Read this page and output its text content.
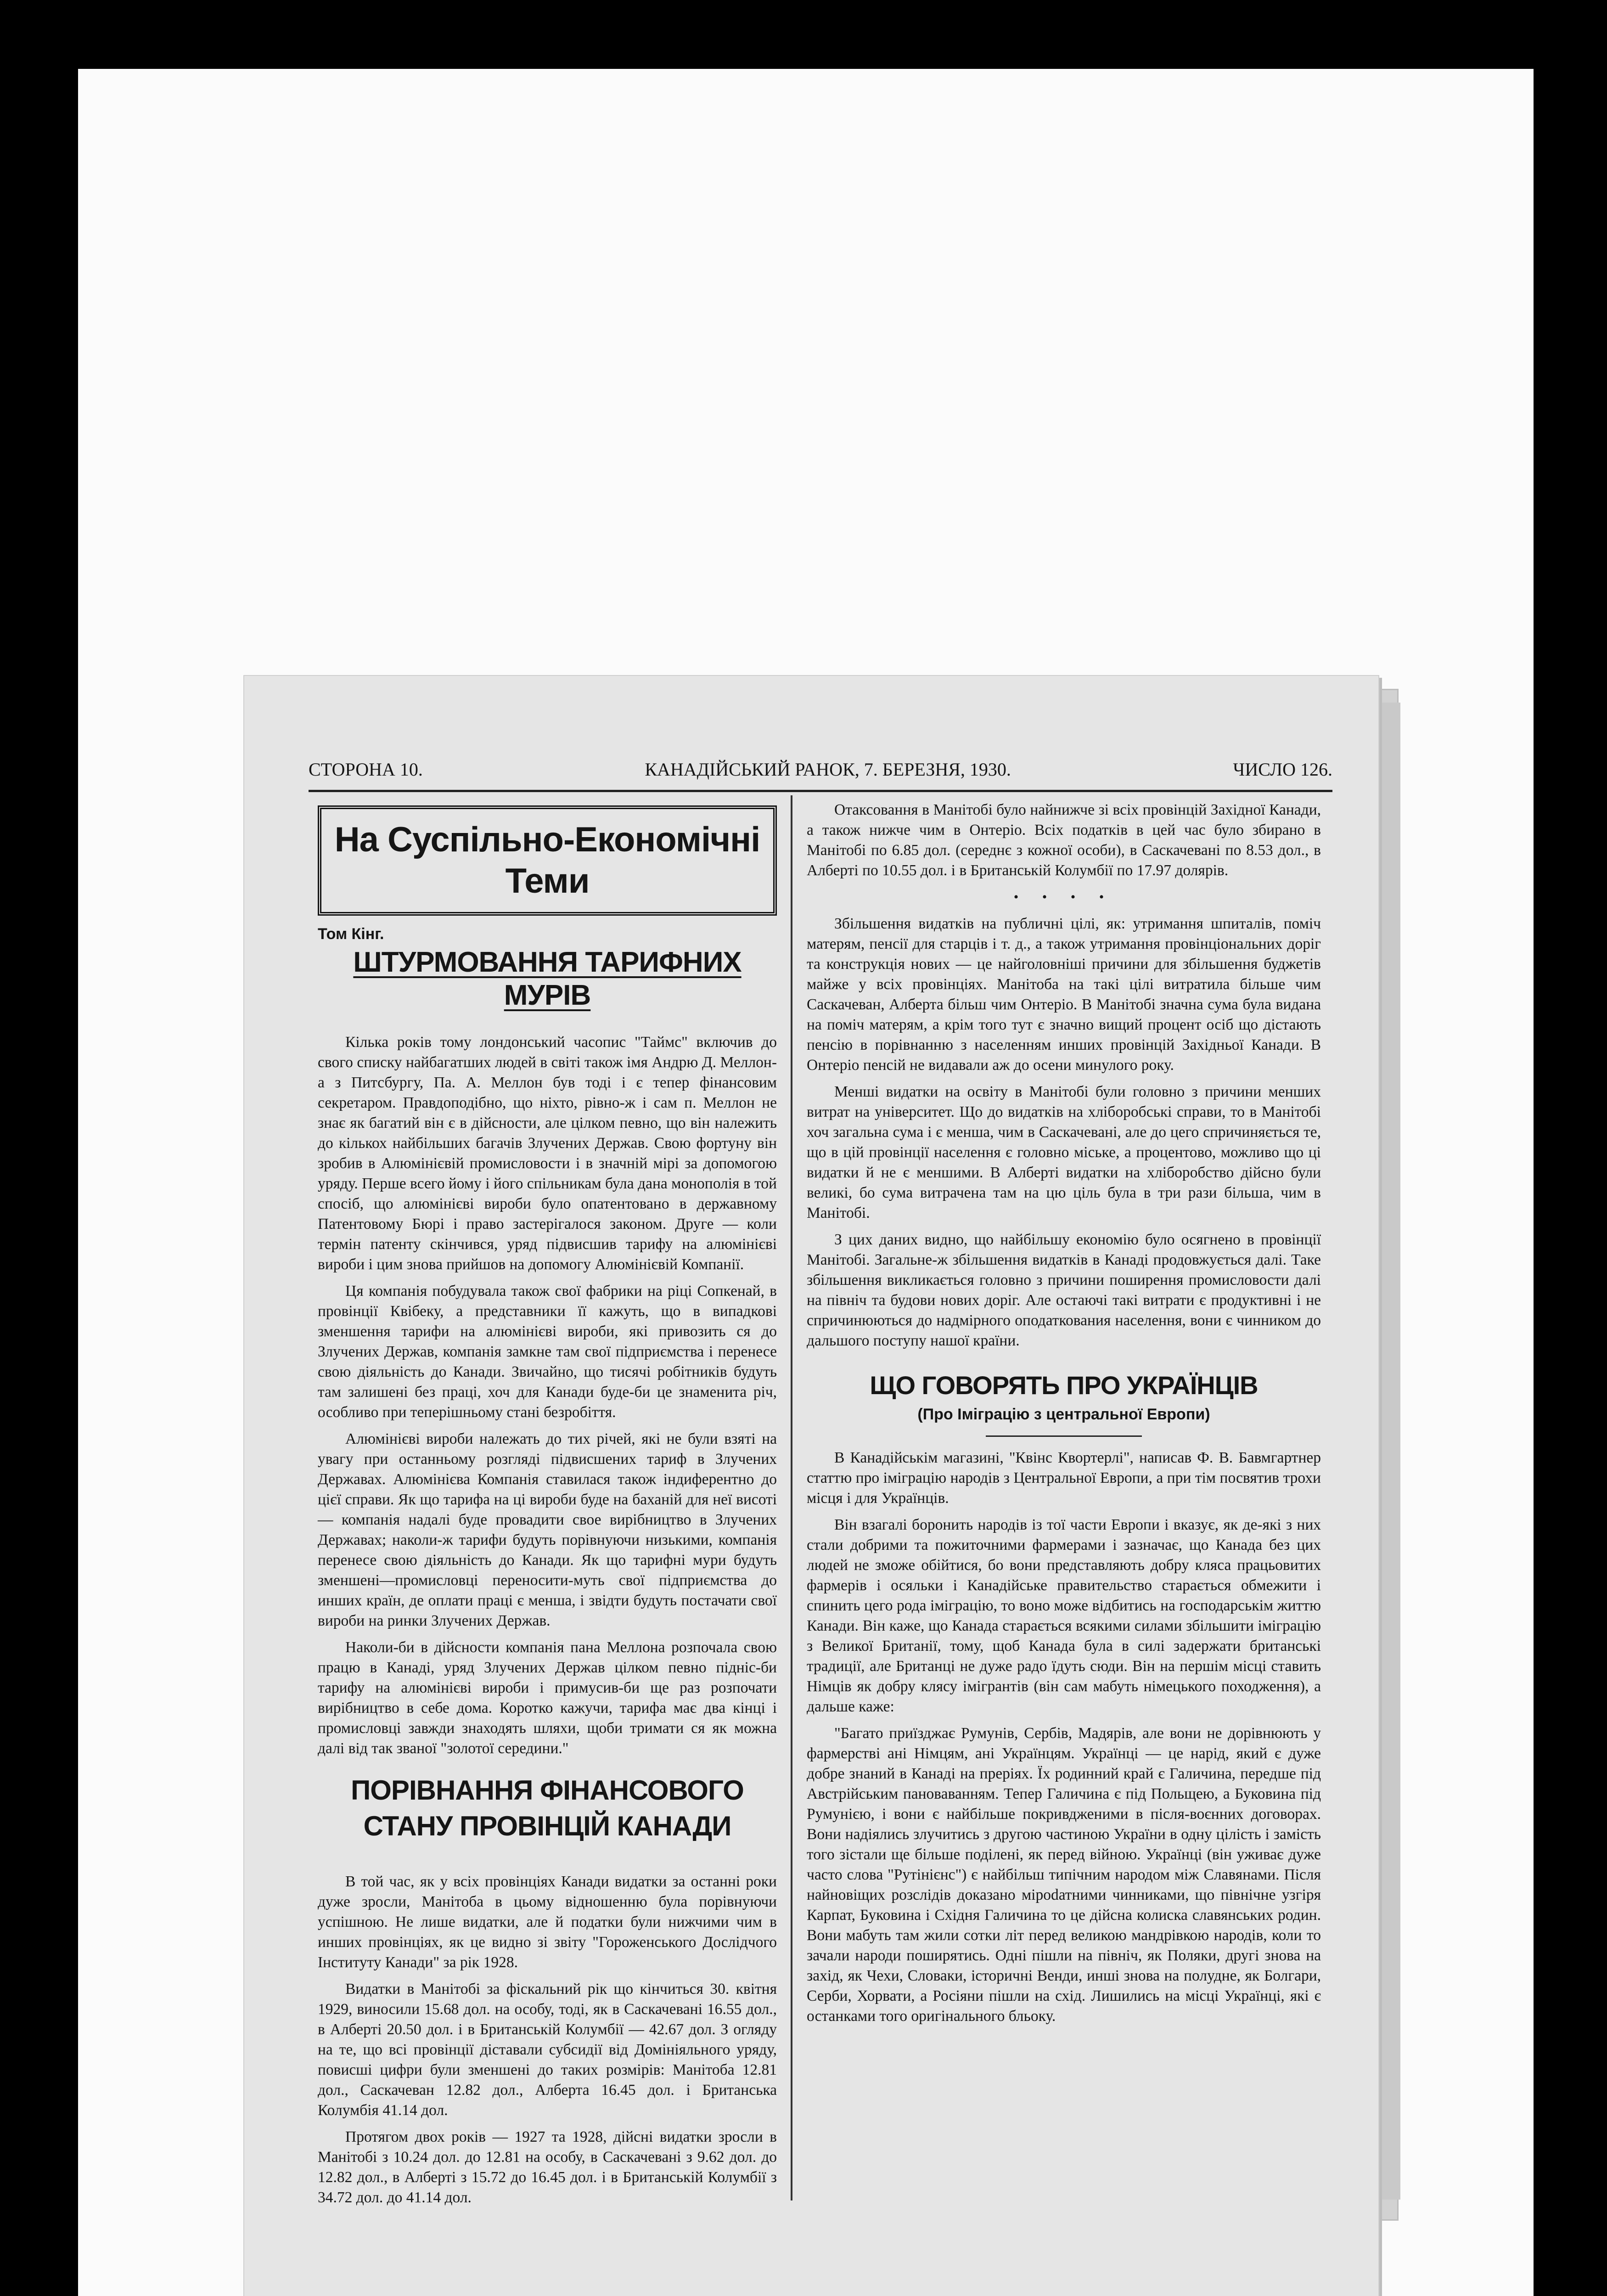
СТОРОНА 10.	КАНАДІЙСЬКИЙ РАНОК, 7. БЕРЕЗНЯ, 1930.	ЧИСЛО 126.
На Суспільно-Економічні Теми
Том Кінг.
ШТУРМОВАННЯ ТАРИФНИХ МУРІВ

Кілька років тому лондонський часопис "Таймс" включив до свого списку найбагатших людей в світі також імя Андрю Д. Меллон-а з Питсбургу, Па. А. Меллон був тоді і є тепер фінансовим секретаром. Правдоподібно, що ніхто, рівно-ж і сам п. Меллон не знає як багатий він є в дійсности, але цілком певно, що він належить до кількох найбільших багачів Злучених Держав. Свою фортуну він зробив в Алюмінієвій промисловости і в значній мірі за допомогою уряду. Перше всего йому і його спільникам була дана монополія в той спосіб, що алюмінієві вироби було опатентовано в державному Патентовому Бюрі і право застерігалося законом. Друге — коли термін патенту скінчився, уряд підвисшив тарифу на алюмінієві вироби і цим знова прийшов на допомогу Алюмінієвій Компанії.

Ця компанія побудувала також свої фабрики на ріці Сопкенай, в провінції Квібеку, а представники її кажуть, що в випадкові зменшення тарифи на алюмінієві вироби, які привозить ся до Злучених Держав, компанія замкне там свої підприємства і перенесе свою діяльність до Канади. Звичайно, що тисячі робітників будуть там залишені без праці, хоч для Канади буде-би це знаменита річ, особливо при теперішньому стані безробіття.

Алюмінієві вироби належать до тих річей, які не були взяті на увагу при останньому розгляді підвисшених тариф в Злучених Державах. Алюмінієва Компанія ставилася також індиферентно до цієї справи. Як що тарифа на ці вироби буде на баханій для неї висоті — компанія надалі буде провадити свое вирібництво в Злучених Державах; наколи-ж тарифи будуть порівнуючи низькими, компанія перенесе свою діяльність до Канади. Як що тарифні мури будуть зменшені—промисловці переносити-муть свої підприємства до инших країн, де оплати праці є менша, і звідти будуть постачати свої вироби на ринки Злучених Держав.

Наколи-би в дійсности компанія пана Меллона розпочала свою працю в Канаді, уряд Злучених Держав цілком певно підніс-би тарифу на алюмінієві вироби і примусив-би ще раз розпочати вирібництво в себе дома. Коротко кажучи, тарифа має два кінці і промисловці завжди знаходять шляхи, щоби тримати ся як можна далі від так званої "золотої середини."

ПОРІВНАННЯ ФІНАНСОВОГО СТАНУ ПРОВІНЦІЙ КАНАДИ

В той час, як у всіх провінціях Канади видатки за останні роки дуже зросли, Манітоба в цьому відношенню була порівнуючи успішною. Не лише видатки, але й податки були нижчими чим в инших провінціях, як це видно зі звіту "Гороженського Дослідчого Інституту Канади" за рік 1928.

Видатки в Манітобі за фіскальний рік що кінчиться 30. квітня 1929, виносили 15.68 дол. на особу, тоді, як в Саскачевані 16.55 дол., в Алберті 20.50 дол. і в Британській Колумбії — 42.67 дол. З огляду на те, що всі провінції діставали субсидії від Домініяльного уряду, повисші цифри були зменшені до таких розмірів: Манітоба 12.81 дол., Саскачеван 12.82 дол., Алберта 16.45 дол. і Британська Колумбія 41.14 дол.

Протягом двох років — 1927 та 1928, дійсні видатки зросли в Манітобі з 10.24 дол. до 12.81 на особу, в Саскачевані з 9.62 дол. до 12.82 дол., в Алберті з 15.72 до 16.45 дол. і в Британській Колумбії з 34.72 дол. до 41.14 дол.

Отаксовання в Манітобі було найнижче зі всіх провінцій Західної Канади, а також нижче чим в Онтеріо. Всіх податків в цей час було збирано в Манітобі по 6.85 дол. (середнє з кожної особи), в Саскачевані по 8.53 дол., в Алберті по 10.55 дол. і в Британській Колумбії по 17.97 долярів.

• • • •

Збільшення видатків на публичні цілі, як: утримання шпиталів, поміч матерям, пенсії для старців і т. д., а також утримання провінціональних доріг та конструкція нових — це найголовніші причини для збільшення буджетів майже у всіх провінціях. Манітоба на такі цілі витратила більше чим Саскачеван, Алберта більш чим Онтеріо. В Манітобі значна сума була видана на поміч матерям, а крім того тут є значно вищий процент осіб що дістають пенсію в порівнанню з населенням инших провінцій Західньої Канади. В Онтеріо пенсій не видавали аж до осени минулого року.

Менші видатки на освіту в Манітобі були головно з причини менших витрат на університет. Що до видатків на хліборобські справи, то в Манітобі хоч загальна сума і є менша, чим в Саскачевані, але до цего спричиняється те, що в цій провінції населення є головно міське, а процентово, можливо що ці видатки й не є меншими. В Алберті видатки на хліборобство дійсно були великі, бо сума витрачена там на цю ціль була в три рази більша, чим в Манітобі.

З цих даних видно, що найбільшу економію було осягнено в провінції Манітобі. Загальне-ж збільшення видатків в Канаді продовжується далі. Таке збільшення викликається головно з причини поширення промисловости далі на північ та будови нових доріг. Але остаючі такі витрати є продуктивні і не спричинюються до надмірного оподаткования населення, вони є чинником до дальшого поступу нашої країни.

ЩО ГОВОРЯТЬ ПРО УКРАЇНЦІВ
(Про Іміграцію з центральної Европи)

В Канадійськім магазині, "Квінс Квортерлі", написав Ф. В. Бавмгартнер статтю про іміграцію народів з Центральної Европи, а при тім посвятив трохи місця і для Українців.

Він взагалі боронить народів із тої части Европи і вказує, як де-які з них стали добрими та пожиточними фармерами і зазначає, що Канада без цих людей не зможе обійтися, бо вони представляють добру кляса працьовитих фармерів і осяльки і Канадійське правительство старається обмежити і спинить цего рода іміграцію, то воно може відбитись на господарськім життю Канади. Він каже, що Канада старається всякими силами збільшити іміграцію з Великої Британії, тому, щоб Канада була в силі задержати британські традиції, але Британці не дуже радо їдуть сюди. Він на першім місці ставить Німців як добру клясу імігрантів (він сам мабуть німецького походження), а дальше каже:

"Багато приїзджає Румунів, Сербів, Мадярів, але вони не дорівнюють у фармерстві ані Німцям, ані Українцям. Українці — це нарід, який є дуже добре знаний в Канаді на преріях. Їх родинний край є Галичина, передше під Австрійським пановаванням. Тепер Галичина є під Польщею, а Буковина під Румунією, і вони є найбільше покривдженими в після-воєнних договорах. Вони надіялись злучитись з другою частиною України в одну цілість і замість того зістали ще більше поділені, як перед війною. Українці (він уживає дуже часто слова "Рутінієнс") є найбільш типічним народом між Славянами. Після найновіщих розслідів доказано мірodатними чинниками, що північне узгіря Карпат, Буковина і Східня Галичина то це дійсна колиска славянських родин. Вони мабуть там жили сотки літ перед великою мандрівкою народів, коли то зачали народи поширятись. Одні пішли на північ, як Поляки, другі знова на захід, як Чехи, Словаки, історичні Венди, инші знова на полудне, як Болгари, Серби, Хорвати, а Росіяни пішли на схід. Лишились на місці Українці, які є останками того оригінального бльоку.
